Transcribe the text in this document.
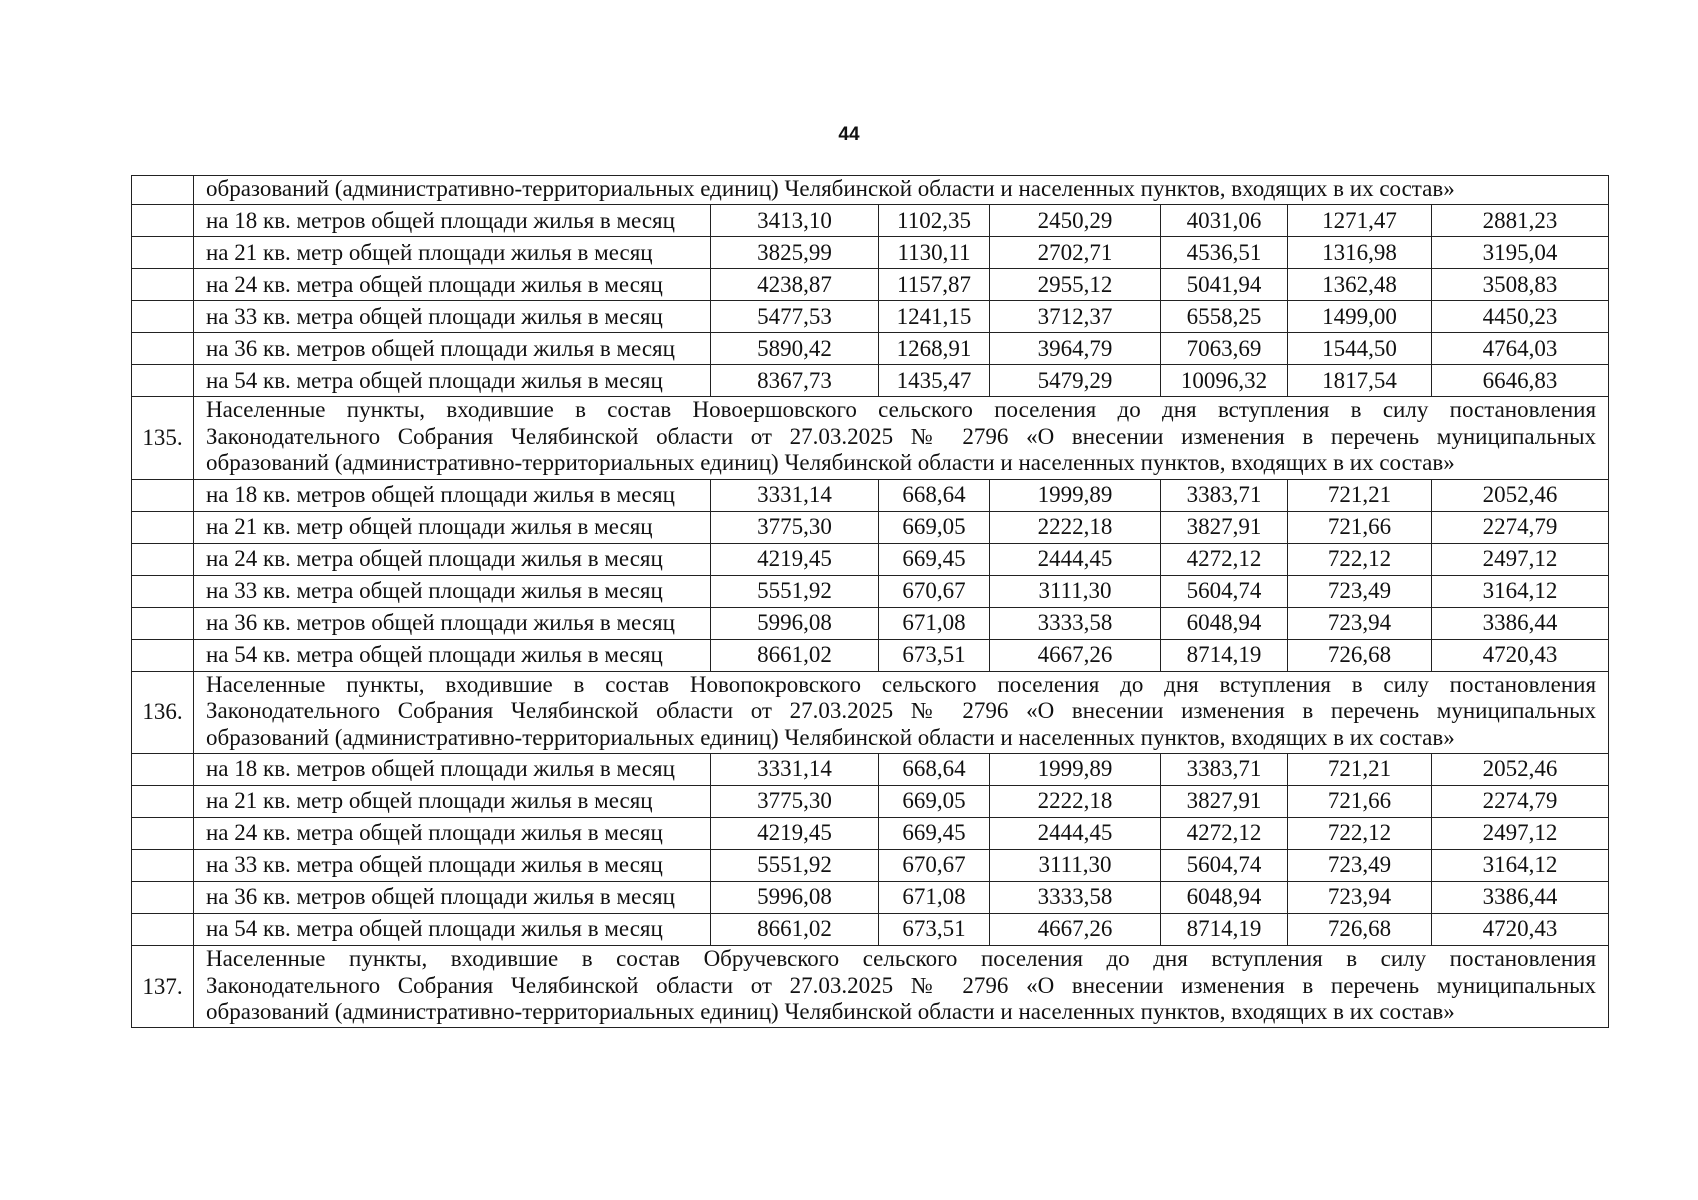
44
	образований (административно-территориальных единиц) Челябинской области и населенных пунктов, входящих в их состав»						
	на 18 кв. метров общей площади жилья в месяц	3413,10	1102,35	2450,29	4031,06	1271,47	2881,23
	на 21 кв. метр общей площади жилья в месяц	3825,99	1130,11	2702,71	4536,51	1316,98	3195,04
	на 24 кв. метра общей площади жилья в месяц	4238,87	1157,87	2955,12	5041,94	1362,48	3508,83
	на 33 кв. метра общей площади жилья в месяц	5477,53	1241,15	3712,37	6558,25	1499,00	4450,23
	на 36 кв. метров общей площади жилья в месяц	5890,42	1268,91	3964,79	7063,69	1544,50	4764,03
	на 54 кв. метра общей площади жилья в месяц	8367,73	1435,47	5479,29	10096,32	1817,54	6646,83
135.	Населенные пункты, входившие в состав Новоершовского сельского поселения до дня вступления в силу постановления
Законодательного Собрания Челябинской области от 27.03.2025 № 2796 «О внесении изменения в перечень муниципальных
образований (административно-территориальных единиц) Челябинской области и населенных пунктов, входящих в их состав»						

	на 18 кв. метров общей площади жилья в месяц	3331,14	668,64	1999,89	3383,71	721,21	2052,46
	на 21 кв. метр общей площади жилья в месяц	3775,30	669,05	2222,18	3827,91	721,66	2274,79
	на 24 кв. метра общей площади жилья в месяц	4219,45	669,45	2444,45	4272,12	722,12	2497,12
	на 33 кв. метра общей площади жилья в месяц	5551,92	670,67	3111,30	5604,74	723,49	3164,12
	на 36 кв. метров общей площади жилья в месяц	5996,08	671,08	3333,58	6048,94	723,94	3386,44
	на 54 кв. метра общей площади жилья в месяц	8661,02	673,51	4667,26	8714,19	726,68	4720,43
136.	Населенные пункты, входившие в состав Новопокровского сельского поселения до дня вступления в силу постановления
Законодательного Собрания Челябинской области от 27.03.2025 № 2796 «О внесении изменения в перечень муниципальных
образований (административно-территориальных единиц) Челябинской области и населенных пунктов, входящих в их состав»						

	на 18 кв. метров общей площади жилья в месяц	3331,14	668,64	1999,89	3383,71	721,21	2052,46
	на 21 кв. метр общей площади жилья в месяц	3775,30	669,05	2222,18	3827,91	721,66	2274,79
	на 24 кв. метра общей площади жилья в месяц	4219,45	669,45	2444,45	4272,12	722,12	2497,12
	на 33 кв. метра общей площади жилья в месяц	5551,92	670,67	3111,30	5604,74	723,49	3164,12
	на 36 кв. метров общей площади жилья в месяц	5996,08	671,08	3333,58	6048,94	723,94	3386,44
	на 54 кв. метра общей площади жилья в месяц	8661,02	673,51	4667,26	8714,19	726,68	4720,43
137.	Населенные пункты, входившие в состав Обручевского сельского поселения до дня вступления в силу постановления
Законодательного Собрания Челябинской области от 27.03.2025 № 2796 «О внесении изменения в перечень муниципальных
образований (административно-территориальных единиц) Челябинской области и населенных пунктов, входящих в их состав»						
